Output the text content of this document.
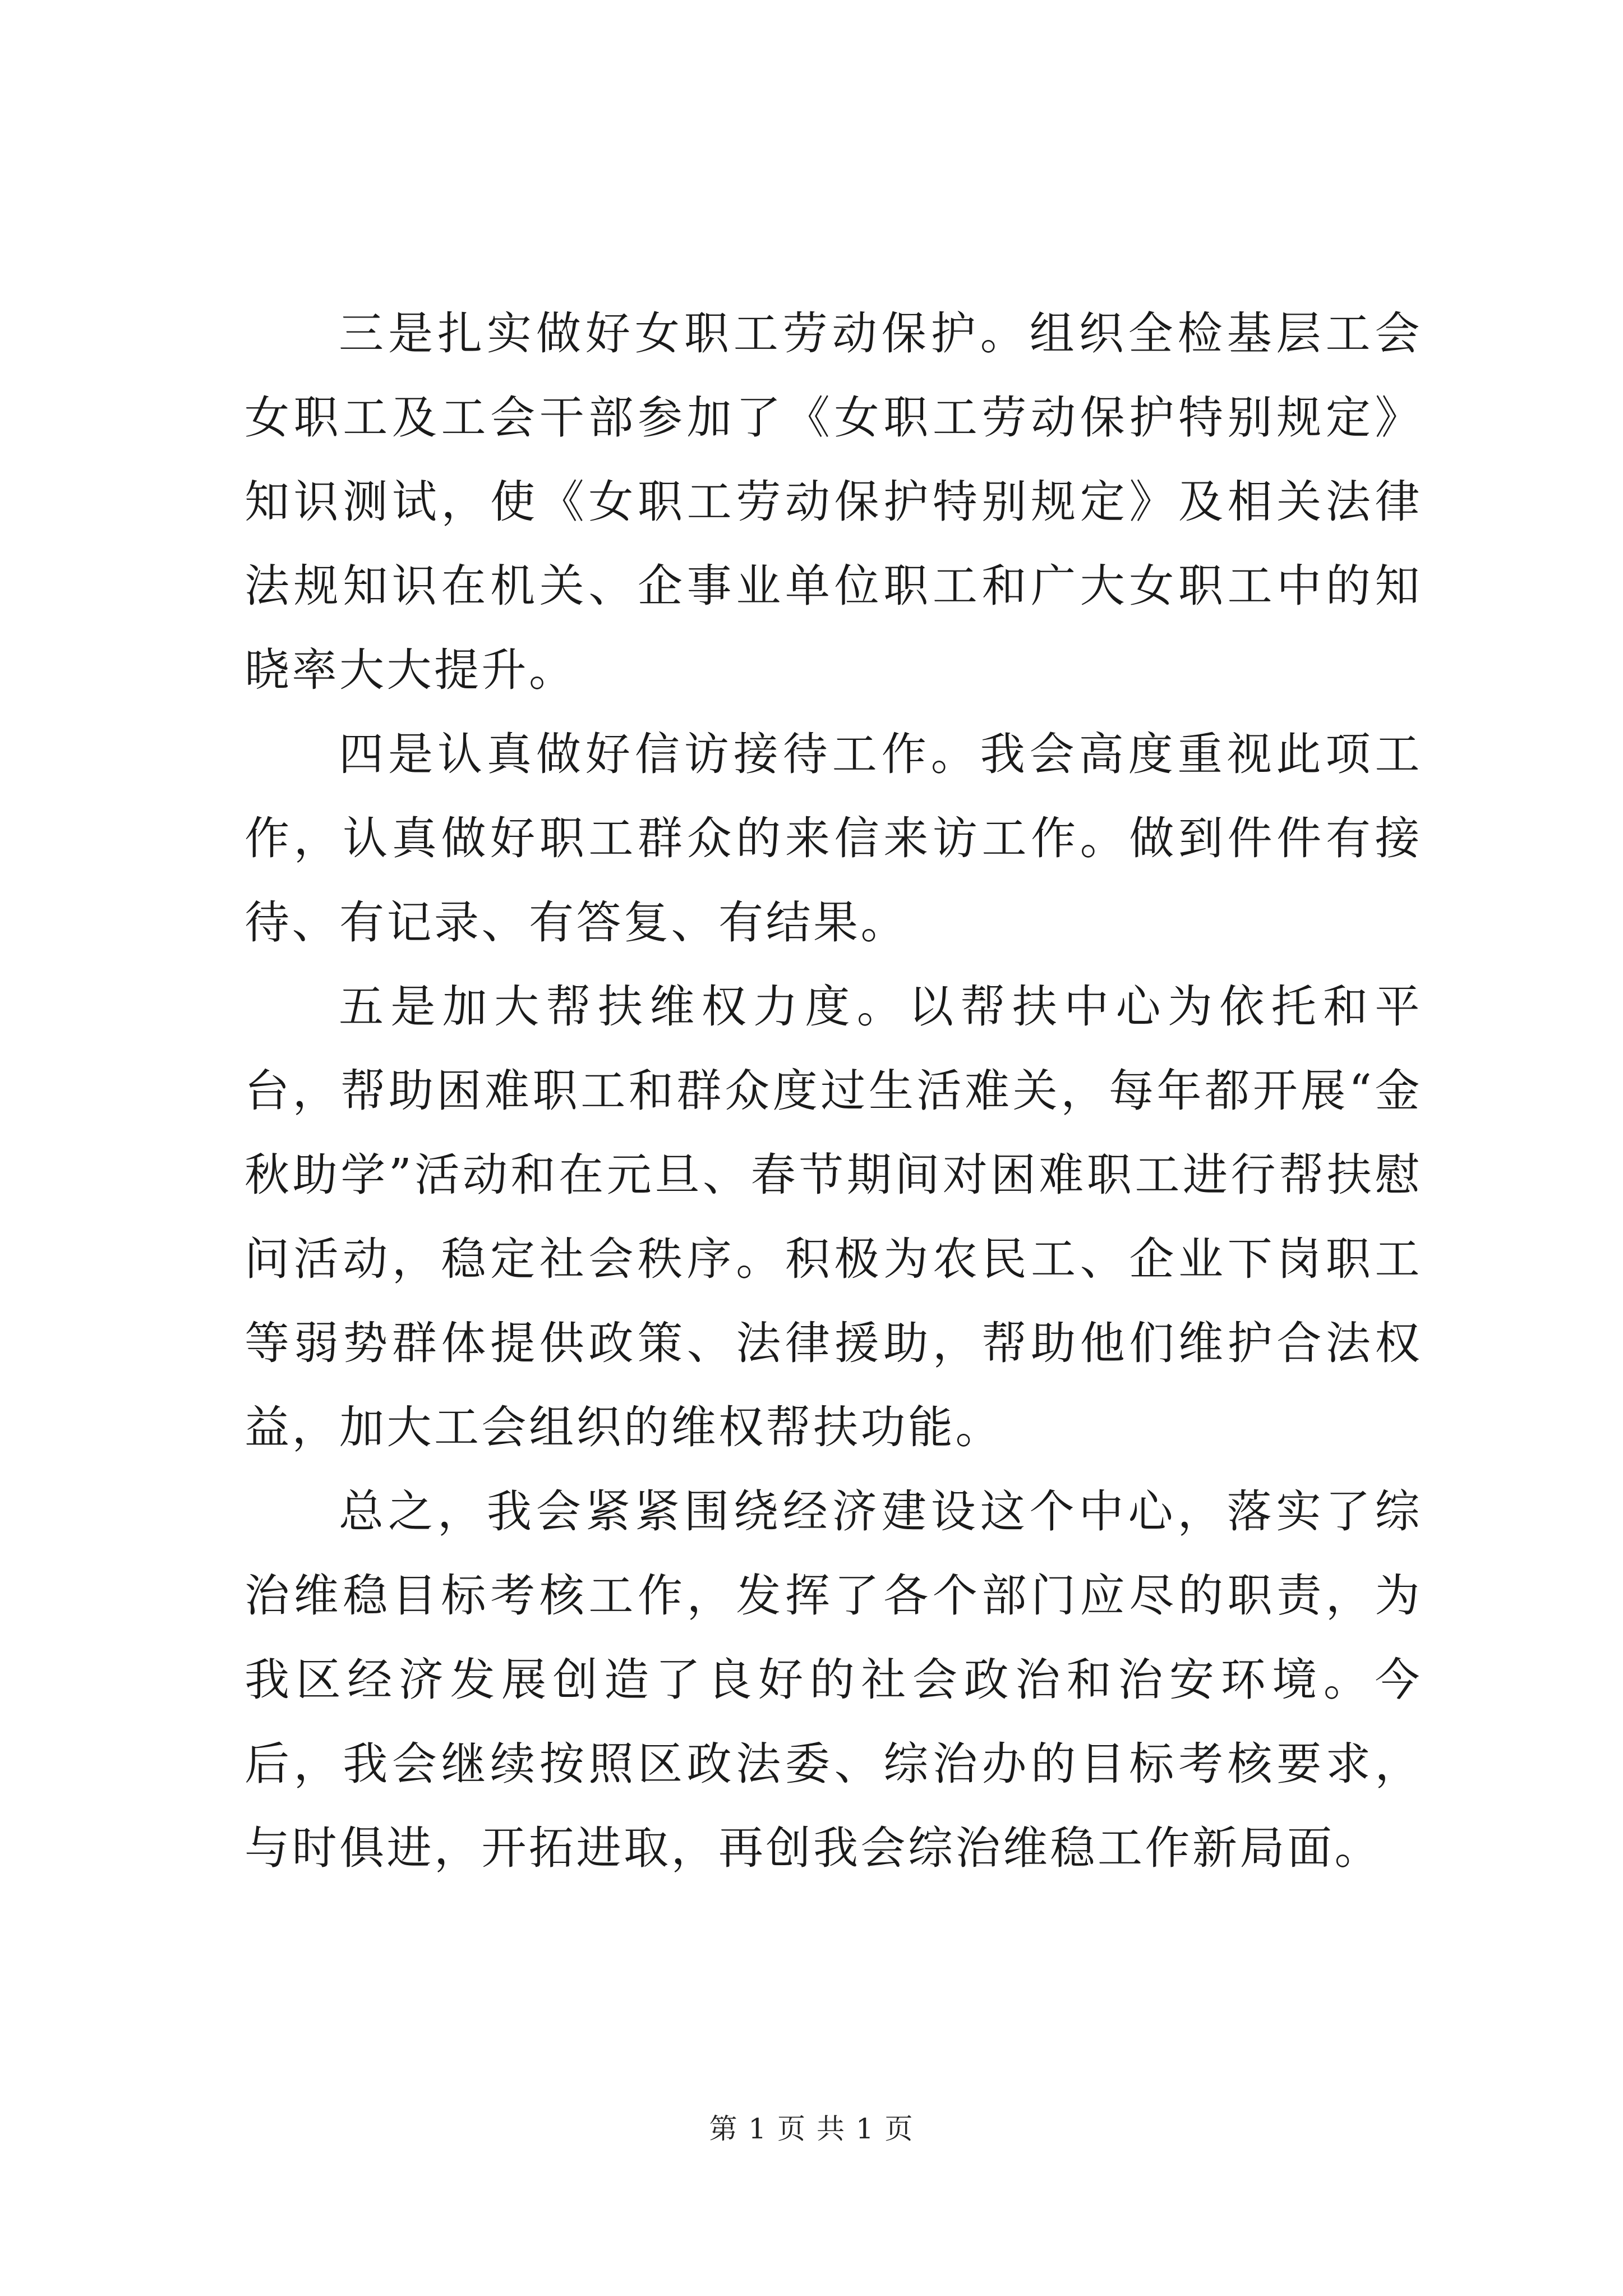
三是扎实做好女职工劳动保护。组织全检基层工会女职工及工会干部参加了《女职工劳动保护特别规定》知识测试，使《女职工劳动保护特别规定》及相关法律法规知识在机关、企事业单位职工和广大女职工中的知晓率大大提升。

四是认真做好信访接待工作。我会高度重视此项工作，认真做好职工群众的来信来访工作。做到件件有接待、有记录、有答复、有结果。

五是加大帮扶维权力度。以帮扶中心为依托和平台，帮助困难职工和群众度过生活难关，每年都开展“金秋助学”活动和在元旦、春节期间对困难职工进行帮扶慰问活动，稳定社会秩序。积极为农民工、企业下岗职工等弱势群体提供政策、法律援助，帮助他们维护合法权益，加大工会组织的维权帮扶功能。

总之，我会紧紧围绕经济建设这个中心，落实了综治维稳目标考核工作，发挥了各个部门应尽的职责，为我区经济发展创造了良好的社会政治和治安环境。今后，我会继续按照区政法委、综治办的目标考核要求，与时俱进，开拓进取，再创我会综治维稳工作新局面。

第 1 页 共 1 页
